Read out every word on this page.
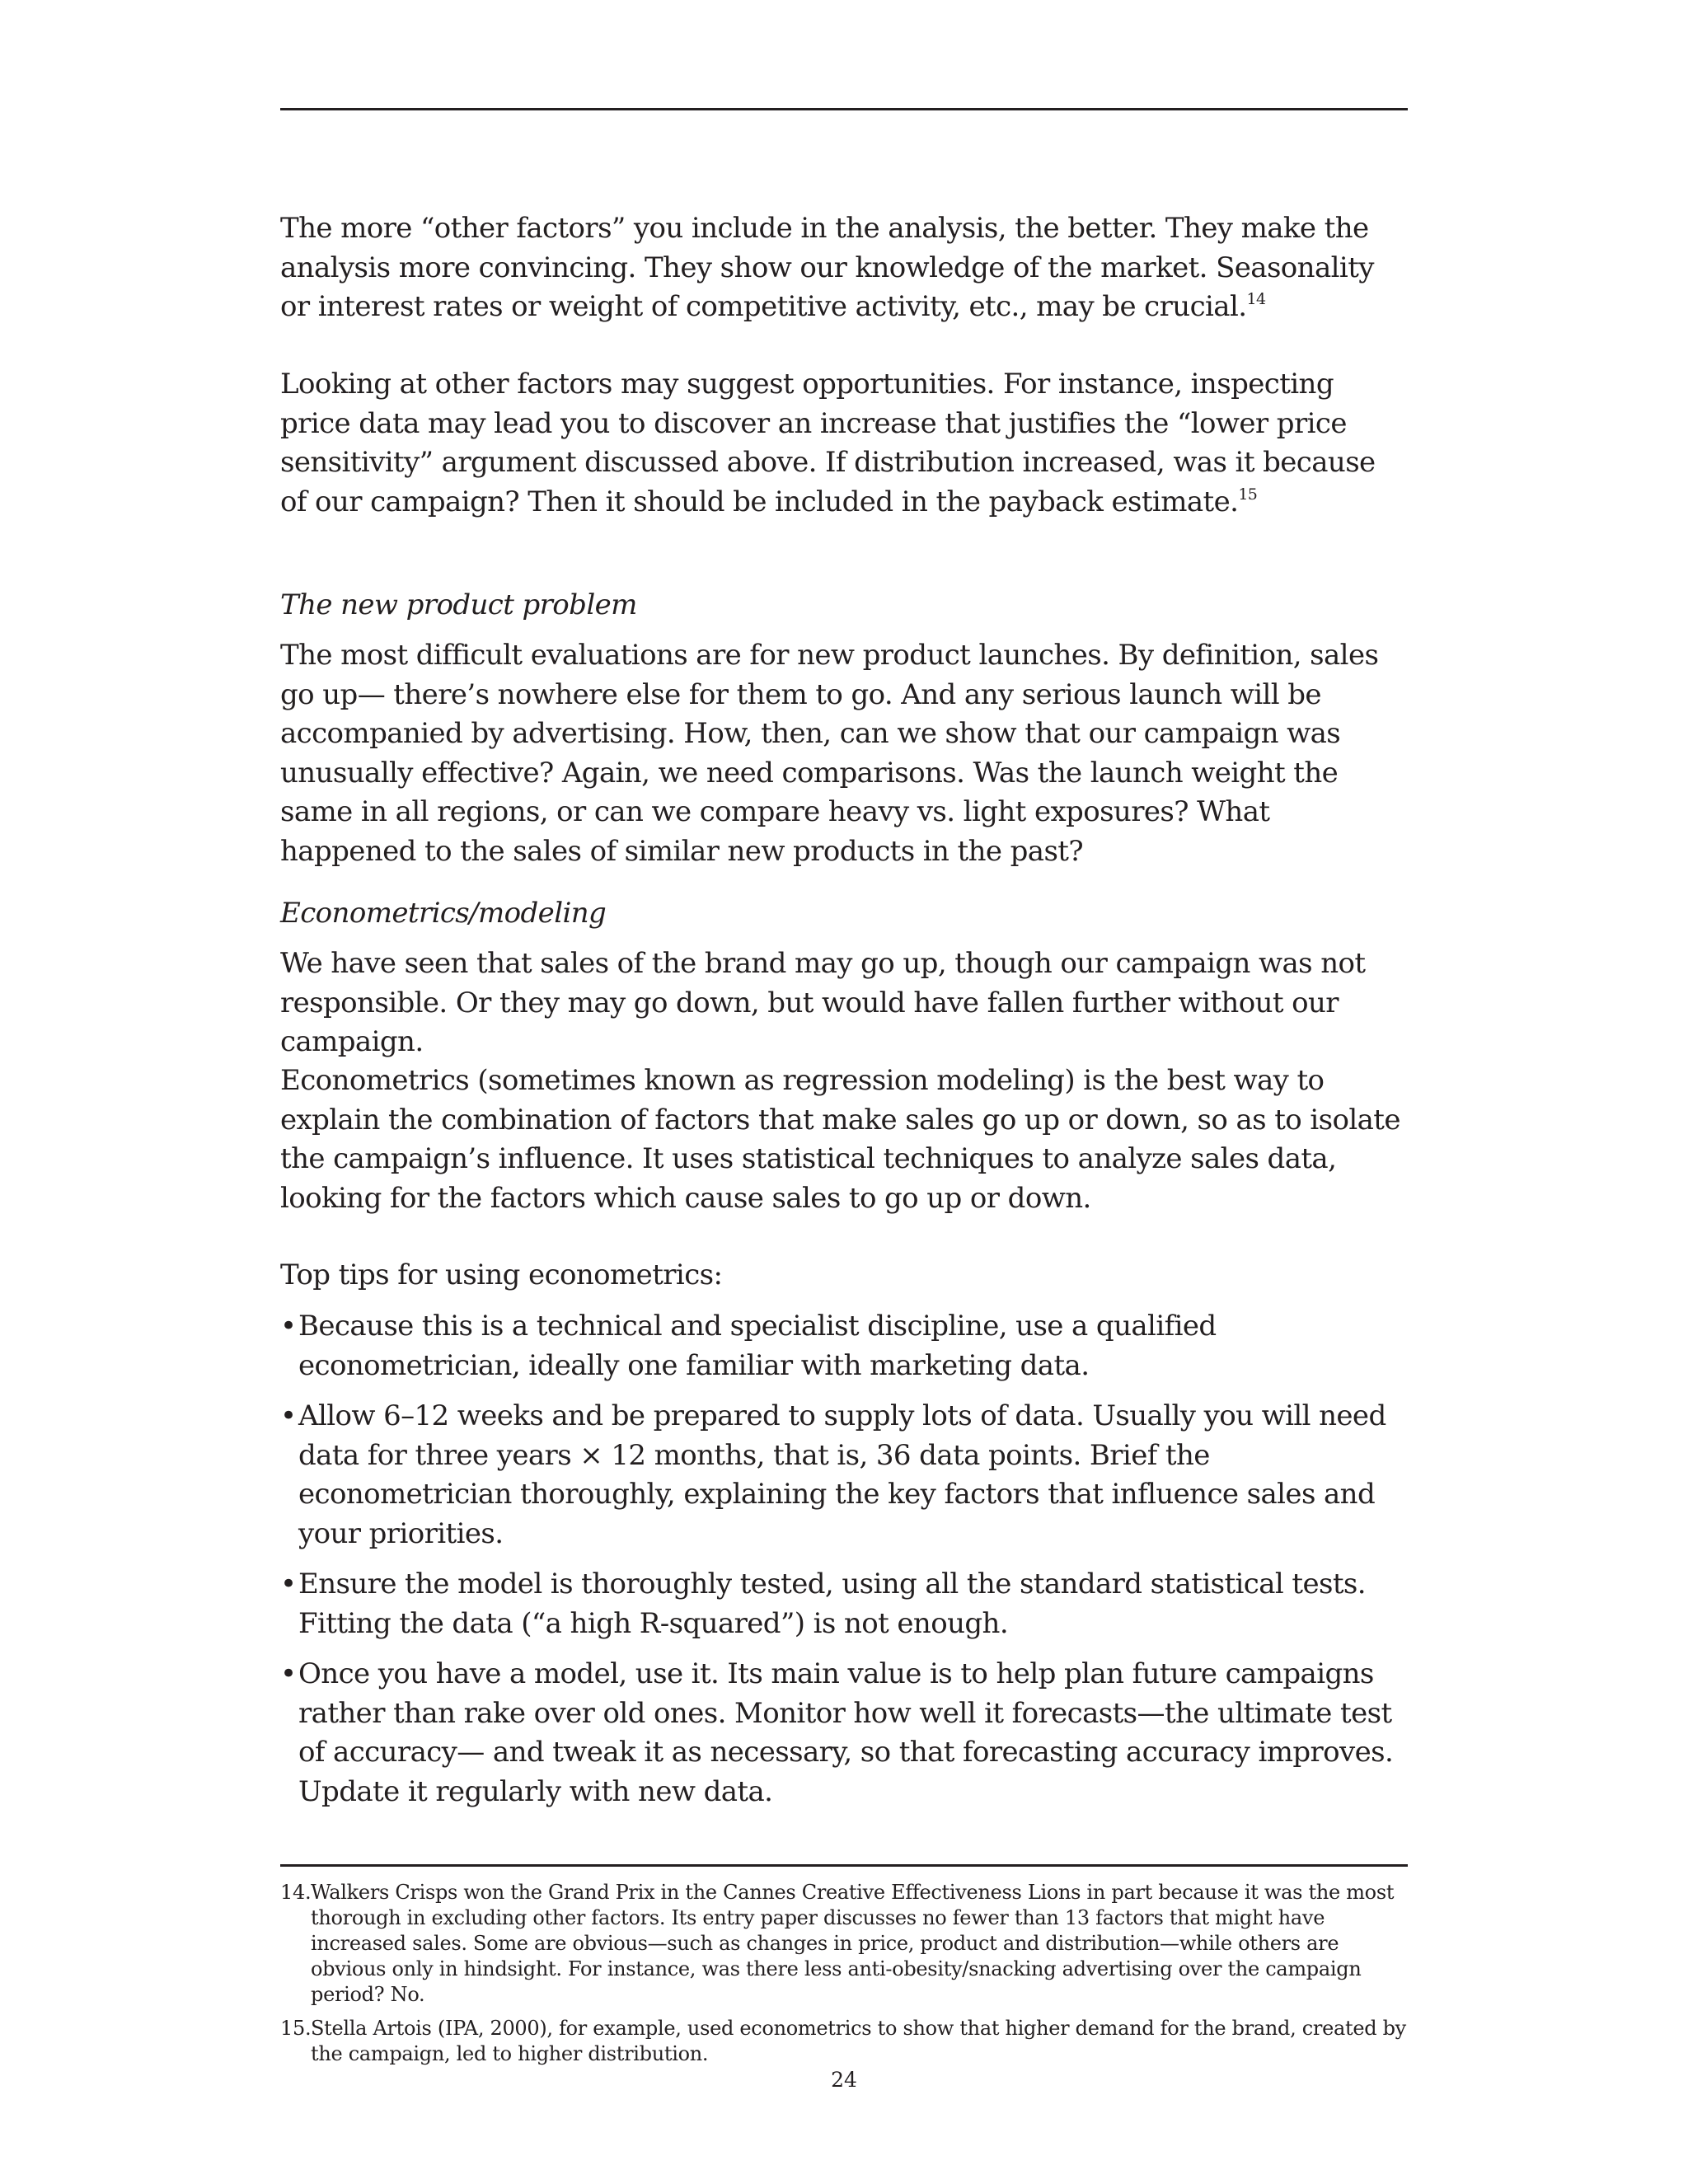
The more “other factors” you include in the analysis, the better. They make the analysis more convincing. They show our knowledge of the market. Seasonality or interest rates or weight of competitive activity, etc., may be crucial.$^{14}$

Looking at other factors may suggest opportunities. For instance, inspecting price data may lead you to discover an increase that justifies the “lower price sensitivity” argument discussed above. If distribution increased, was it because of our campaign? Then it should be included in the payback estimate.$^{15}$

The new product problem

The most difficult evaluations are for new product launches. By definition, sales go up— there’s nowhere else for them to go. And any serious launch will be accompanied by advertising. How, then, can we show that our campaign was unusually effective? Again, we need comparisons. Was the launch weight the same in all regions, or can we compare heavy vs. light exposures? What happened to the sales of similar new products in the past?

Econometrics/modeling

We have seen that sales of the brand may go up, though our campaign was not responsible. Or they may go down, but would have fallen further without our campaign.

Econometrics (sometimes known as regression modeling) is the best way to explain the combination of factors that make sales go up or down, so as to isolate the campaign’s influence. It uses statistical techniques to analyze sales data, looking for the factors which cause sales to go up or down.

Top tips for using econometrics:

• Because this is a technical and specialist discipline, use a qualified econometrician, ideally one familiar with marketing data.
• Allow 6–12 weeks and be prepared to supply lots of data. Usually you will need data for three years × 12 months, that is, 36 data points. Brief the econometrician thoroughly, explaining the key factors that influence sales and your priorities.
• Ensure the model is thoroughly tested, using all the standard statistical tests. Fitting the data (“a high R-squared”) is not enough.
• Once you have a model, use it. Its main value is to help plan future campaigns rather than rake over old ones. Monitor how well it forecasts—the ultimate test of accuracy— and tweak it as necessary, so that forecasting accuracy improves. Update it regularly with new data.
14. Walkers Crisps won the Grand Prix in the Cannes Creative Effectiveness Lions in part because it was the most thorough in excluding other factors. Its entry paper discusses no fewer than 13 factors that might have increased sales. Some are obvious—such as changes in price, product and distribution—while others are obvious only in hindsight. For instance, was there less anti-obesity/snacking advertising over the campaign period? No.
15. Stella Artois (IPA, 2000), for example, used econometrics to show that higher demand for the brand, created by the campaign, led to higher distribution.
24
